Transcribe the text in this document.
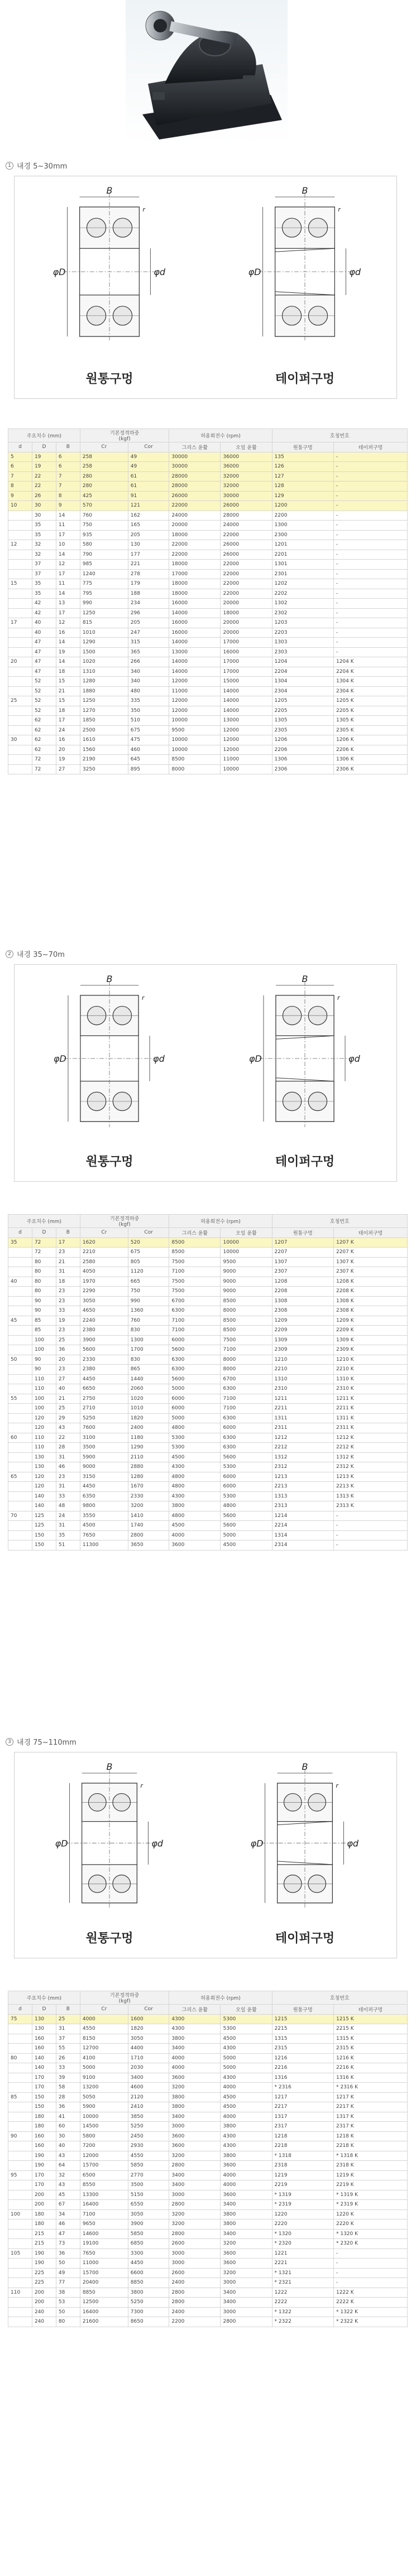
1 내경 5~30mm
B
r
φD	φd
B
r
φD	φd
원통구멍	테이퍼구멍
2 내경 35~70m
B
r
φD	φd
B
r
φD	φd
원통구멍	테이퍼구멍
3 내경 75~110mm
B
r
φD	φd
B
r
φD	φd
원통구멍	테이퍼구멍
주요치수 (mm)			기본정격하중
(kgf)		허용회전수 (rpm)		호칭번호	
d	D	B	Cr	Cor	그리스 윤활	오일 윤활	원통구멍	테이퍼구멍
5	19	6	258	49	30000	36000	135	-
6	19	6	258	49	30000	36000	126	-
7	22	7	280	61	28000	32000	127	-
8	22	7	280	61	28000	32000	128	-
9	26	8	425	91	26000	30000	129	-
10	30	9	570	121	22000	26000	1200	-
	30	14	760	162	24000	28000	2200	-
	35	11	750	165	20000	24000	1300	-
	35	17	935	205	18000	22000	2300	-
12	32	10	580	130	22000	26000	1201	-
	32	14	790	177	22000	26000	2201	-
	37	12	985	221	18000	22000	1301	-
	37	17	1240	278	17000	22000	2301	-
15	35	11	775	179	18000	22000	1202	-
	35	14	795	188	18000	22000	2202	-
	42	13	990	234	16000	20000	1302	-
	42	17	1250	296	14000	18000	2302	-
17	40	12	815	205	16000	20000	1203	-
	40	16	1010	247	16000	20000	2203	-
	47	14	1290	315	14000	17000	1303	-
	47	19	1500	365	13000	16000	2303	-
20	47	14	1020	266	14000	17000	1204	1204 K
	47	18	1310	340	14000	17000	2204	2204 K
	52	15	1280	340	12000	15000	1304	1304 K
	52	21	1880	480	11000	14000	2304	2304 K
25	52	15	1250	335	12000	14000	1205	1205 K
	52	18	1270	350	12000	14000	2205	2205 K
	62	17	1850	510	10000	13000	1305	1305 K
	62	24	2500	675	9500	12000	2305	2305 K
30	62	16	1610	475	10000	12000	1206	1206 K
	62	20	1560	460	10000	12000	2206	2206 K
	72	19	2190	645	8500	11000	1306	1306 K
	72	27	3250	895	8000	10000	2306	2306 K
주요치수 (mm)			기본정격하중
(kgf)		허용회전수 (rpm)		호칭번호	
d	D	B	Cr	Cor	그리스 윤활	오일 윤활	원통구멍	테이퍼구멍
35	72	17	1620	520	8500	10000	1207	1207 K
	72	23	2210	675	8500	10000	2207	2207 K
	80	21	2580	805	7500	9500	1307	1307 K
	80	31	4050	1120	7100	9000	2307	2307 K
40	80	18	1970	665	7500	9000	1208	1208 K
	80	23	2290	750	7500	9000	2208	2208 K
	90	23	3050	990	6700	8500	1308	1308 K
	90	33	4650	1360	6300	8000	2308	2308 K
45	85	19	2240	760	7100	8500	1209	1209 K
	85	23	2380	830	7100	8500	2209	2209 K
	100	25	3900	1300	6000	7500	1309	1309 K
	100	36	5600	1700	5600	7100	2309	2309 K
50	90	20	2330	830	6300	8000	1210	1210 K
	90	23	2380	865	6300	8000	2210	2210 K
	110	27	4450	1440	5600	6700	1310	1310 K
	110	40	6650	2060	5000	6300	2310	2310 K
55	100	21	2750	1020	6000	7100	1211	1211 K
	100	25	2710	1010	6000	7100	2211	2211 K
	120	29	5250	1820	5000	6300	1311	1311 K
	120	43	7600	2400	4800	6000	2311	2311 K
60	110	22	3100	1180	5300	6300	1212	1212 K
	110	28	3500	1290	5300	6300	2212	2212 K
	130	31	5900	2110	4500	5600	1312	1312 K
	130	46	9000	2880	4300	5300	2312	2312 K
65	120	23	3150	1280	4800	6000	1213	1213 K
	120	31	4450	1670	4800	6000	2213	2213 K
	140	33	6350	2330	4300	5300	1313	1313 K
	140	48	9800	3200	3800	4800	2313	2313 K
70	125	24	3550	1410	4800	5600	1214	-
	125	31	4500	1740	4500	5600	2214	-
	150	35	7650	2800	4000	5000	1314	-
	150	51	11300	3650	3600	4500	2314	-
주요치수 (mm)			기본정격하중
(kgf)		허용회전수 (rpm)		호칭번호	
d	D	B	Cr	Cor	그리스 윤활	오일 윤활	원통구멍	테이퍼구멍
75	130	25	4000	1600	4300	5300	1215	1215 K
	130	31	4550	1820	4300	5300	2215	2215 K
	160	37	8150	3050	3800	4500	1315	1315 K
	160	55	12700	4400	3400	4300	2315	2315 K
80	140	26	4100	1710	4000	5000	1216	1216 K
	140	33	5000	2030	4000	5000	2216	2216 K
	170	39	9100	3400	3600	4300	1316	1316 K
	170	58	13200	4600	3200	4000	* 2316	* 2316 K
85	150	28	5050	2120	3800	4500	1217	1217 K
	150	36	5900	2410	3800	4500	2217	2217 K
	180	41	10000	3850	3400	4000	1317	1317 K
	180	60	14500	5250	3000	3800	2317	2317 K
90	160	30	5800	2450	3600	4300	1218	1218 K
	160	40	7200	2930	3600	4300	2218	2218 K
	190	43	12000	4550	3200	3800	* 1318	* 1318 K
	190	64	15700	5850	2800	3600	2318	2318 K
95	170	32	6500	2770	3400	4000	1219	1219 K
	170	43	8550	3500	3400	4000	2219	2219 K
	200	45	13300	5150	3000	3600	* 1319	* 1319 K
	200	67	16400	6550	2800	3400	* 2319	* 2319 K
100	180	34	7100	3050	3200	3800	1220	1220 K
	180	46	9650	3900	3200	3800	2220	2220 K
	215	47	14600	5850	2800	3400	* 1320	* 1320 K
	215	73	19100	6850	2600	3200	* 2320	* 2320 K
105	190	36	7650	3300	3000	3600	1221	-
	190	50	11000	4450	3000	3600	2221	-
	225	49	15700	6600	2600	3200	* 1321	-
	225	77	20400	8850	2400	3000	* 2321	-
110	200	38	8850	3800	2800	3400	1222	1222 K
	200	53	12500	5250	2800	3400	2222	2222 K
	240	50	16400	7300	2400	3000	* 1322	* 1322 K
	240	80	21600	8650	2200	2800	* 2322	* 2322 K
